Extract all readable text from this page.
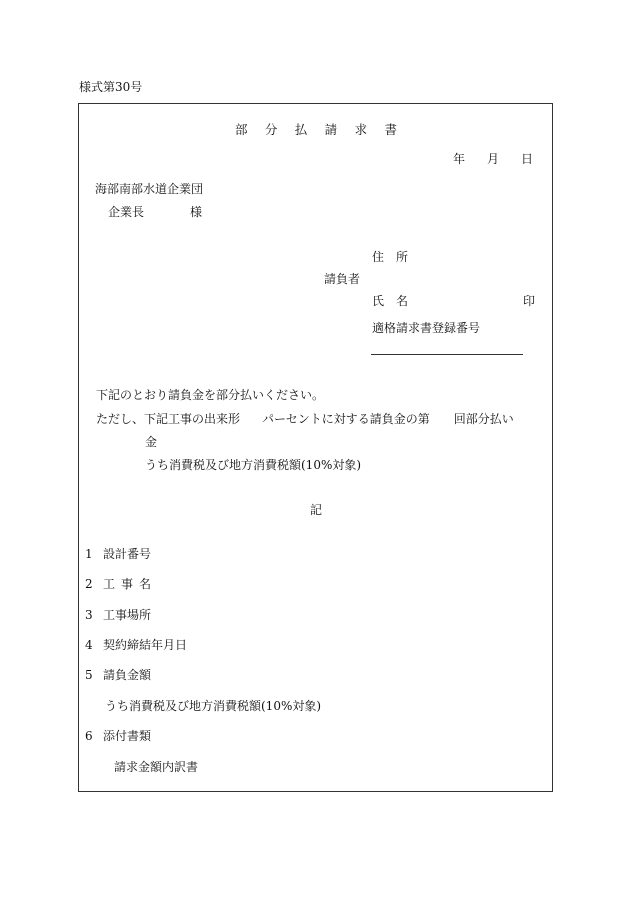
様式第30号
部 分 払 請 求 書
年 月 日
海部南部水道企業団
企業長	様
住 所
請負者
氏 名	印
適格請求書登録番号
下記のとおり請負金を部分払いください。
ただし、下記工事の出来形 パーセントに対する請負金の第 回部分払い
金
うち消費税及び地方消費税額(10%対象)
記
1 設計番号
2 工事名
3 工事場所
4 契約締結年月日
5 請負金額
うち消費税及び地方消費税額(10%対象)
6 添付書類
請求金額内訳書
